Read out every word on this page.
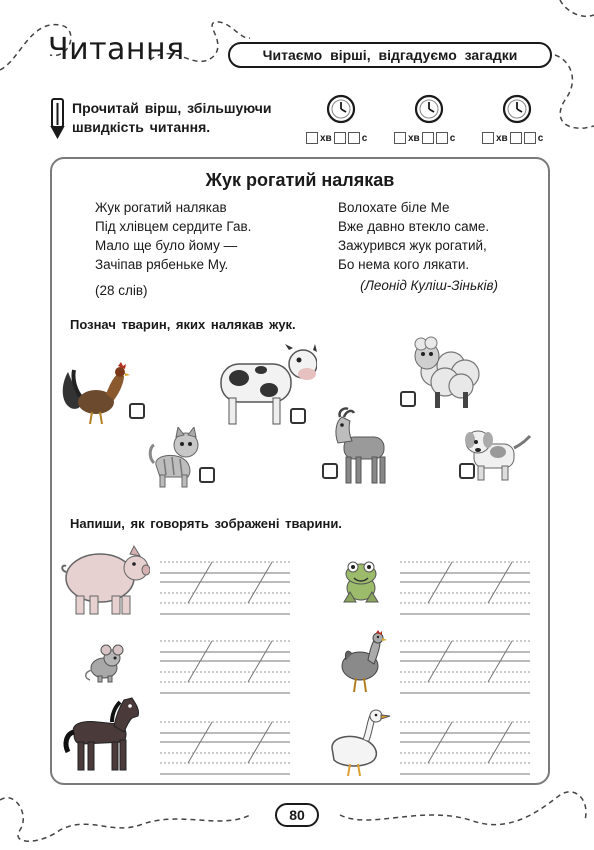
Читання	Читаємо вірші, відгадуємо загадки
Прочитай вірш, збільшуючи швидкість читання.
хв	с	хв	с	хв	с
Жук рогатий налякав
Жук рогатий налякав
Під хлівцем сердите Гав.
Мало ще було йому —
Зачіпав рябеньке Му.
(28 слів)
Волохате біле Ме
Вже давно втекло саме.
Зажурився жук рогатий,
Бо нема кого лякати.
(Леонід Куліш-Зіньків)
Познач тварин, яких налякав жук.
Напиши, як говорять зображені тварини.
80
